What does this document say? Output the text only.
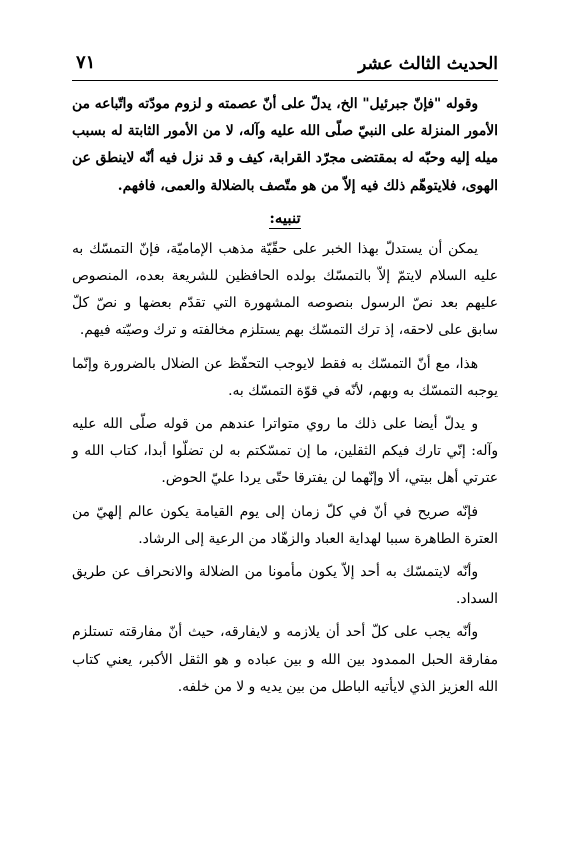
الحديث الثالث عشر
٧١

وقوله "فإنّ جبرئيل" الخ، يدلّ على أنّ عصمته و لزوم مودّته واتّباعه من الأمور المنزلة على النبيّ صلّى الله عليه وآله، لا من الأمور الثابتة له بسبب ميله إليه وحبّه له بمقتضى مجرّد القرابة، كيف و قد نزل فيه أنّه لاينطق عن الهوى، فلايتوهّم ذلك فيه إلاّ من هو متّصف بالضلالة والعمى، فافهم.

تنبيه:

يمكن أن يستدلّ بهذا الخبر على حقّيّة مذهب الإماميّة، فإنّ التمسّك به عليه السلام لايتمّ إلاّ بالتمسّك بولده الحافظين للشريعة بعده، المنصوص عليهم بعد نصّ الرسول بنصوصه المشهورة التي تقدّم بعضها و نصّ كلّ سابق على لاحقه، إذ ترك التمسّك بهم يستلزم مخالفته و ترك وصيّته فيهم.

هذا، مع أنّ التمسّك به فقط لايوجب التحفّظ عن الضلال بالضرورة وإنّما يوجبه التمسّك به وبهم، لأنّه في قوّة التمسّك به.

و يدلّ أيضا على ذلك ما روي متواترا عندهم من قوله صلّى الله عليه وآله: إنّي تارك فيكم الثقلين، ما إن تمسّكتم به لن تضلّوا أبدا، كتاب الله و عترتي أهل بيتي، ألا وإنّهما لن يفترقا حتّى يردا عليّ الحوض.

فإنّه صريح في أنّ في كلّ زمان إلى يوم القيامة يكون عالم إلهيّ من العترة الطاهرة سببا لهداية العباد والزهّاد من الرعية إلى الرشاد.

وأنّه لايتمسّك به أحد إلاّ يكون مأمونا من الضلالة والانحراف عن طريق السداد.

وأنّه يجب على كلّ أحد أن يلازمه و لايفارقه، حيث أنّ مفارقته تستلزم مفارقة الحبل الممدود بين الله و بين عباده و هو الثقل الأكبر، يعني كتاب الله العزيز الذي لايأتيه الباطل من بين يديه و لا من خلفه.
